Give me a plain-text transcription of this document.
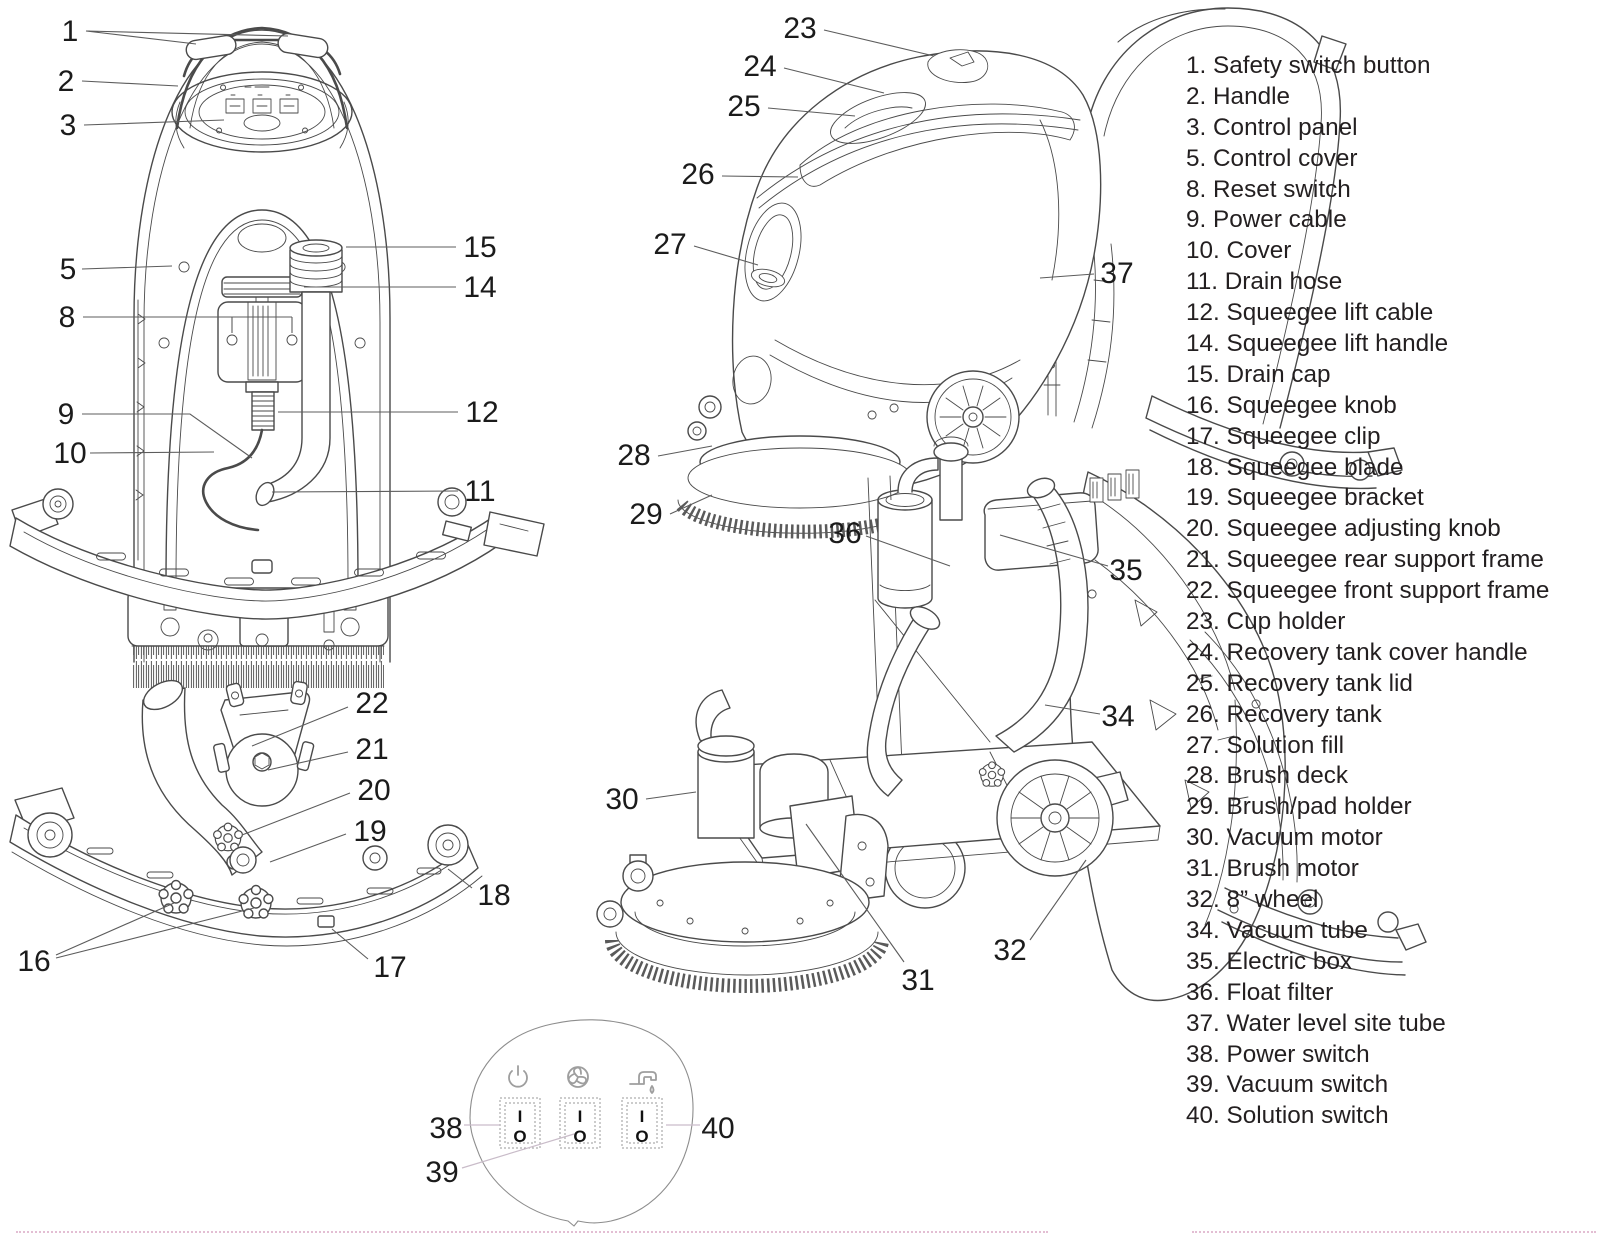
1
2
3
5
8
9
10
15
14
12
11
23
24
25
26
27
37
28
29
36
35
34
30
31
32
22
21
20
19
18
16	17
I
O
I
O
I
O
38
39
40
1. Safety switch button
2. Handle
3. Control panel
5. Control cover
8. Reset switch
9. Power cable
10. Cover
11. Drain hose
12. Squeegee lift cable
14. Squeegee lift handle
15. Drain cap
16. Squeegee knob
17. Squeegee clip
18. Squeegee blade
19. Squeegee bracket
20. Squeegee adjusting knob
21. Squeegee rear support frame
22. Squeegee front support frame
23. Cup holder
24. Recovery tank cover handle
25. Recovery tank lid
26. Recovery tank
27. Solution fill
28. Brush deck
29. Brush/pad holder
30. Vacuum motor
31. Brush motor
32. 8” wheel
34. Vacuum tube
35. Electric box
36. Float filter
37. Water level site tube
38. Power switch
39. Vacuum switch
40. Solution switch
